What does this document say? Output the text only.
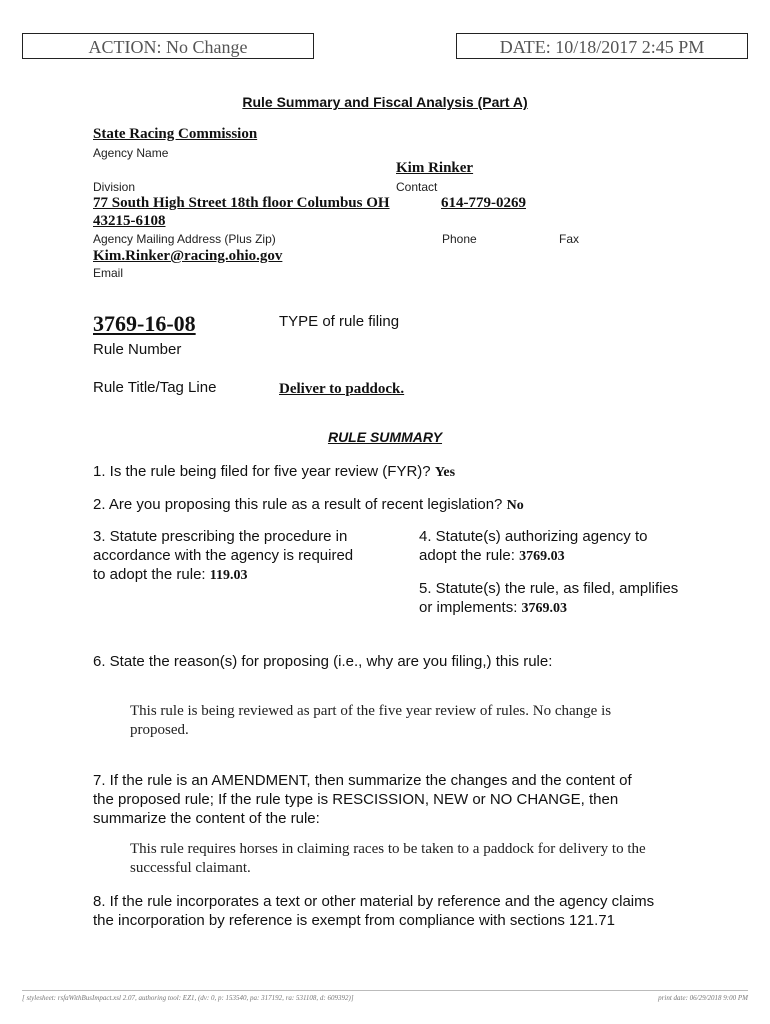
ACTION: No Change	DATE: 10/18/2017 2:45 PM
Rule Summary and Fiscal Analysis (Part A)
State Racing Commission
Agency Name
Kim Rinker
Division	Contact
77 South High Street 18th floor Columbus OH	614-779-0269
43215-6108
Agency Mailing Address (Plus Zip)	Phone	Fax
Kim.Rinker@racing.ohio.gov
Email
3769-16-08	TYPE of rule filing
Rule Number
Rule Title/Tag Line	Deliver to paddock.
RULE SUMMARY
1. Is the rule being filed for five year review (FYR)? Yes
2. Are you proposing this rule as a result of recent legislation? No
3. Statute prescribing the procedure in
accordance with the agency is required
to adopt the rule: 119.03
4. Statute(s) authorizing agency to
adopt the rule: 3769.03
5. Statute(s) the rule, as filed, amplifies
or implements: 3769.03
6. State the reason(s) for proposing (i.e., why are you filing,) this rule:
This rule is being reviewed as part of the five year review of rules. No change is
proposed.
7. If the rule is an AMENDMENT, then summarize the changes and the content of
the proposed rule; If the rule type is RESCISSION, NEW or NO CHANGE, then
summarize the content of the rule:
This rule requires horses in claiming races to be taken to a paddock for delivery to the
successful claimant.
8. If the rule incorporates a text or other material by reference and the agency claims
the incorporation by reference is exempt from compliance with sections 121.71
[ stylesheet: rsfaWithBusImpact.xsl 2.07, authoring tool: EZ1, (dv: 0, p: 153540, pa: 317192, ra: 531108, d: 609392)]	print date: 06/29/2018 9:00 PM
